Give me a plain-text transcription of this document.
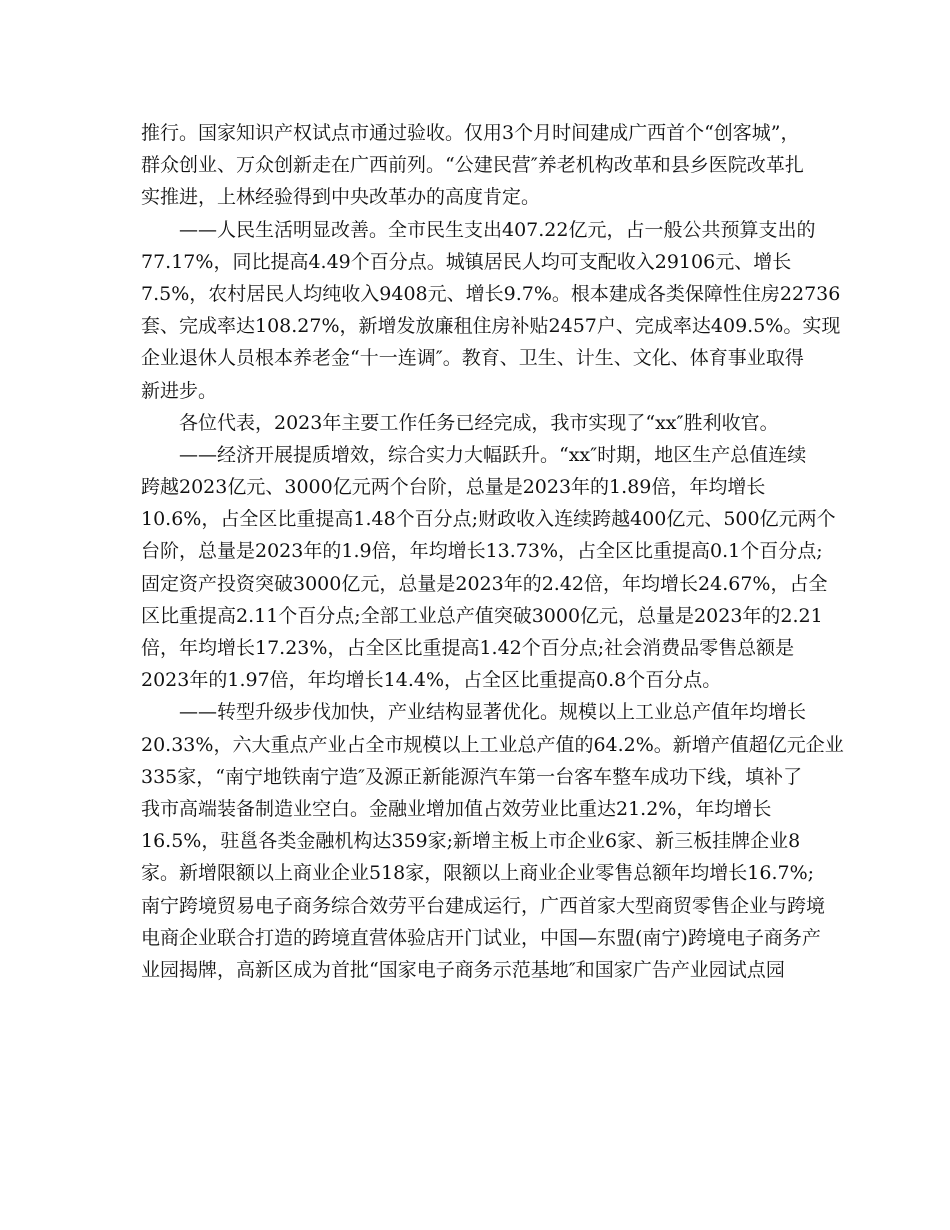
推行。国家知识产权试点市通过验收。仅用3个月时间建成广西首个“创客城”，
群众创业、万众创新走在广西前列。“公建民营″养老机构改革和县乡医院改革扎
实推进，上林经验得到中央改革办的高度肯定。
——人民生活明显改善。全市民生支出407.22亿元，占一般公共预算支出的
77.17%，同比提高4.49个百分点。城镇居民人均可支配收入29106元、增长
7.5%，农村居民人均纯收入9408元、增长9.7%。根本建成各类保障性住房22736
套、完成率达108.27%，新增发放廉租住房补贴2457户、完成率达409.5%。实现
企业退休人员根本养老金“十一连调″。教育、卫生、计生、文化、体育事业取得
新进步。
各位代表，2023年主要工作任务已经完成，我市实现了“xx″胜利收官。
——经济开展提质增效，综合实力大幅跃升。“xx″时期，地区生产总值连续
跨越2023亿元、3000亿元两个台阶，总量是2023年的1.89倍，年均增长
10.6%，占全区比重提高1.48个百分点;财政收入连续跨越400亿元、500亿元两个
台阶，总量是2023年的1.9倍，年均增长13.73%，占全区比重提高0.1个百分点;
固定资产投资突破3000亿元，总量是2023年的2.42倍，年均增长24.67%，占全
区比重提高2.11个百分点;全部工业总产值突破3000亿元，总量是2023年的2.21
倍，年均增长17.23%，占全区比重提高1.42个百分点;社会消费品零售总额是
2023年的1.97倍，年均增长14.4%，占全区比重提高0.8个百分点。
——转型升级步伐加快，产业结构显著优化。规模以上工业总产值年均增长
20.33%，六大重点产业占全市规模以上工业总产值的64.2%。新增产值超亿元企业
335家，“南宁地铁南宁造″及源正新能源汽车第一台客车整车成功下线，填补了
我市高端装备制造业空白。金融业增加值占效劳业比重达21.2%，年均增长
16.5%，驻邕各类金融机构达359家;新增主板上市企业6家、新三板挂牌企业8
家。新增限额以上商业企业518家，限额以上商业企业零售总额年均增长16.7%;
南宁跨境贸易电子商务综合效劳平台建成运行，广西首家大型商贸零售企业与跨境
电商企业联合打造的跨境直营体验店开门试业，中国—东盟(南宁)跨境电子商务产
业园揭牌，高新区成为首批“国家电子商务示范基地″和国家广告产业园试点园
